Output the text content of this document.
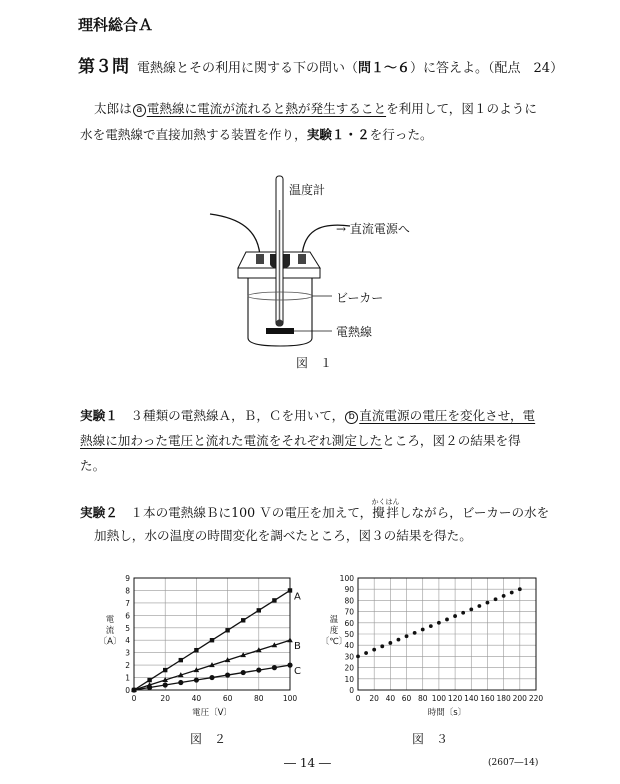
理科総合Ａ
第３問 電熱線とその利用に関する下の問い（問１～６）に答えよ。（配点　24）
太郎は a 電熱線に電流が流れると熱が発生することを利用して，図１のように
水を電熱線で直接加熱する装置を作り，実験１・２を行った。
温度計
→ 直流電源へ
ビーカー
電熱線
図　１
実験１　 ３種類の電熱線Ａ，Ｂ，Ｃを用いて， b 直流電源の電圧を変化させ，電
熱線に加わった電圧と流れた電流をそれぞれ測定したところ，図２の結果を得
た。
実験２　 １本の電熱線Ｂに100 Ｖの電圧を加えて，攪拌かくはんしながら，ビーカーの水を
加熱し，水の温度の時間変化を調べたところ，図３の結果を得た。
0	20	40	60	80	100
0
1
2
3
4
5
6
7
8
9
電圧〔V〕
電
流
〔A〕
A
B
C
図　２
0 20 40 60 80 100 120 140 160 180 200 220
0
10
20
30
40
50
60
70
80
90
100
時間〔s〕
温
度
〔℃〕
図　３
― 14 ―	(2607―14)
